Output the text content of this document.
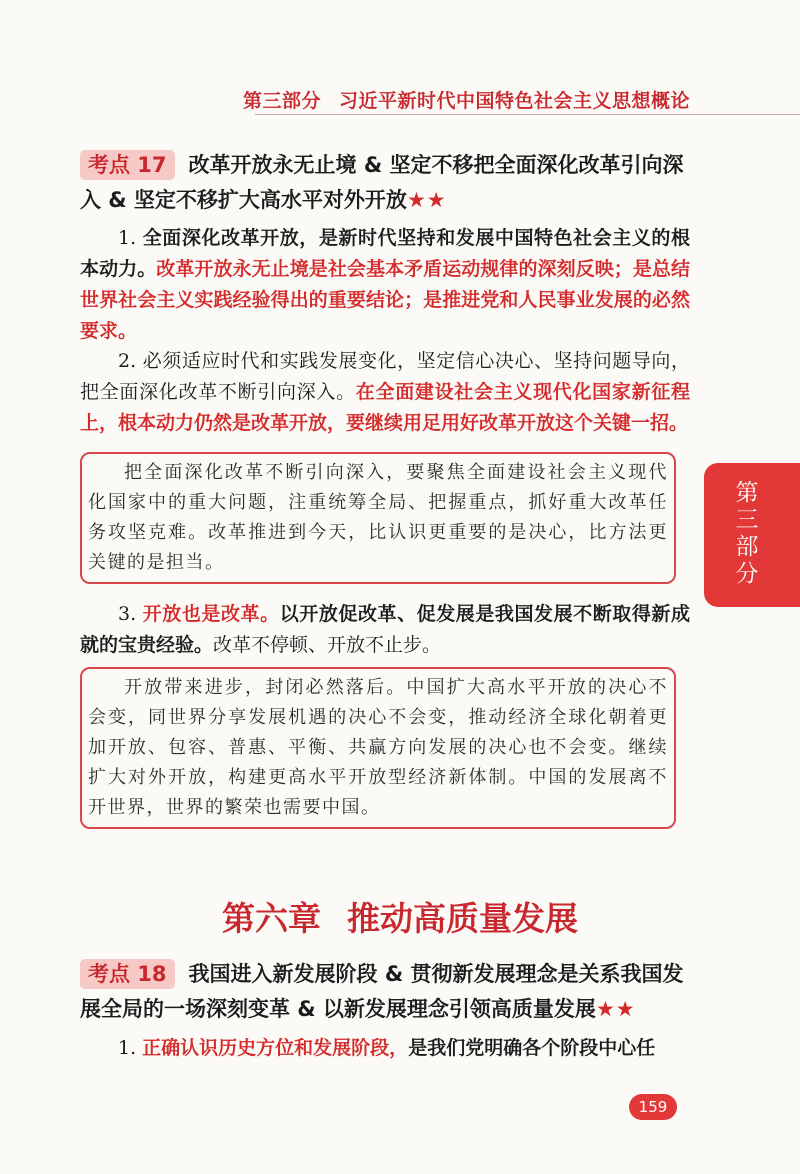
第三部分 习近平新时代中国特色社会主义思想概论
考点 17 改革开放永无止境 & 坚定不移把全面深化改革引向深入 & 坚定不移扩大高水平对外开放★★

1. 全面深化改革开放，是新时代坚持和发展中国特色社会主义的根本动力。改革开放永无止境是社会基本矛盾运动规律的深刻反映；是总结世界社会主义实践经验得出的重要结论；是推进党和人民事业发展的必然要求。

2. 必须适应时代和实践发展变化，坚定信心决心、坚持问题导向，把全面深化改革不断引向深入。在全面建设社会主义现代化国家新征程上，根本动力仍然是改革开放，要继续用足用好改革开放这个关键一招。

把全面深化改革不断引向深入，要聚焦全面建设社会主义现代化国家中的重大问题，注重统筹全局、把握重点，抓好重大改革任务攻坚克难。改革推进到今天，比认识更重要的是决心，比方法更关键的是担当。

3. 开放也是改革。以开放促改革、促发展是我国发展不断取得新成就的宝贵经验。改革不停顿、开放不止步。

开放带来进步，封闭必然落后。中国扩大高水平开放的决心不会变，同世界分享发展机遇的决心不会变，推动经济全球化朝着更加开放、包容、普惠、平衡、共赢方向发展的决心也不会变。继续扩大对外开放，构建更高水平开放型经济新体制。中国的发展离不开世界，世界的繁荣也需要中国。

第六章 推动高质量发展
考点 18 我国进入新发展阶段 & 贯彻新发展理念是关系我国发展全局的一场深刻变革 & 以新发展理念引领高质量发展★★

1. 正确认识历史方位和发展阶段，是我们党明确各个阶段中心任

第三部分
159
